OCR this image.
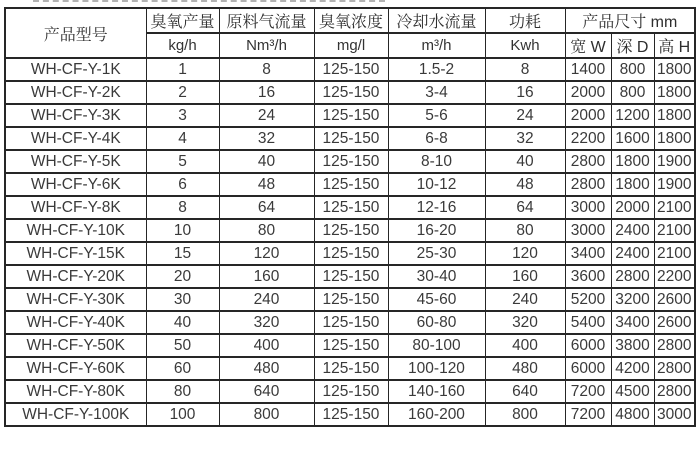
产品型号	臭氧产量	原料气流量	臭氧浓度	冷却水流量	功耗	产品尺寸 mm		
	kg/h	Nm³/h	mg/l	m³/h	Kwh	宽 W	深 D	高 H
WH-CF-Y-1K	1	8	125-150	1.5-2	8	1400	800	1800
WH-CF-Y-2K	2	16	125-150	3-4	16	2000	800	1800
WH-CF-Y-3K	3	24	125-150	5-6	24	2000	1200	1800
WH-CF-Y-4K	4	32	125-150	6-8	32	2200	1600	1800
WH-CF-Y-5K	5	40	125-150	8-10	40	2800	1800	1900
WH-CF-Y-6K	6	48	125-150	10-12	48	2800	1800	1900
WH-CF-Y-8K	8	64	125-150	12-16	64	3000	2000	2100
WH-CF-Y-10K	10	80	125-150	16-20	80	3000	2400	2100
WH-CF-Y-15K	15	120	125-150	25-30	120	3400	2400	2100
WH-CF-Y-20K	20	160	125-150	30-40	160	3600	2800	2200
WH-CF-Y-30K	30	240	125-150	45-60	240	5200	3200	2600
WH-CF-Y-40K	40	320	125-150	60-80	320	5400	3400	2600
WH-CF-Y-50K	50	400	125-150	80-100	400	6000	3800	2800
WH-CF-Y-60K	60	480	125-150	100-120	480	6000	4200	2800
WH-CF-Y-80K	80	640	125-150	140-160	640	7200	4500	2800
WH-CF-Y-100K	100	800	125-150	160-200	800	7200	4800	3000
